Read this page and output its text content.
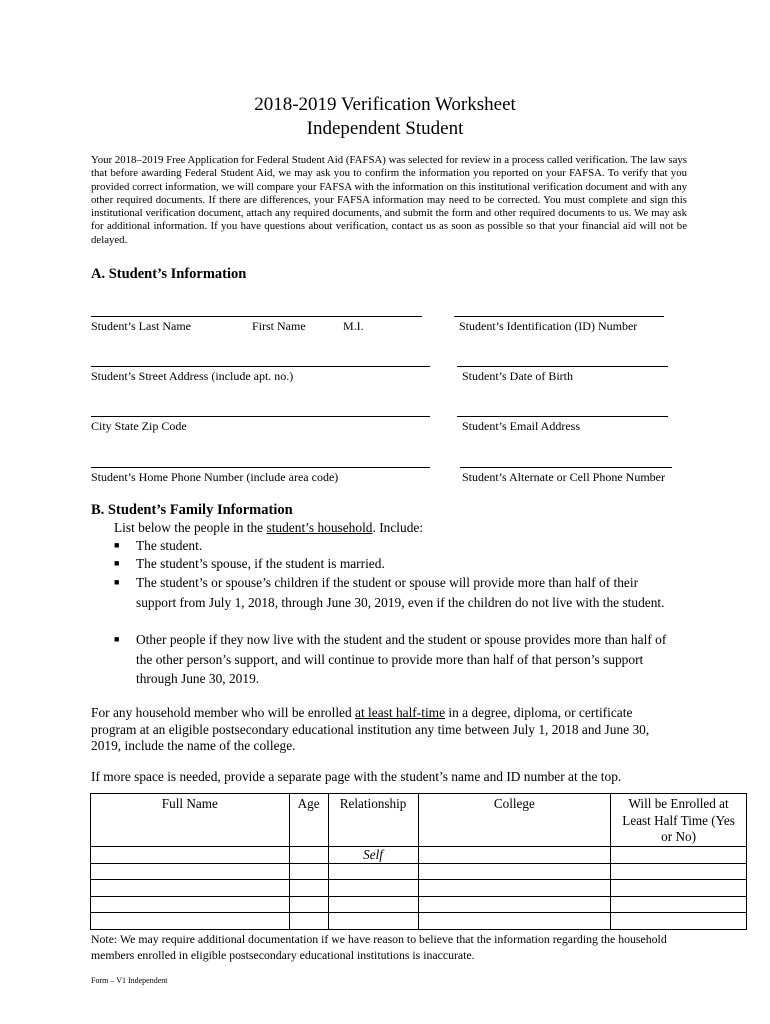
2018-2019 Verification Worksheet
Independent Student
Your 2018–2019 Free Application for Federal Student Aid (FAFSA) was selected for review in a process called verification. The law says that before awarding Federal Student Aid, we may ask you to confirm the information you reported on your FAFSA. To verify that you provided correct information, we will compare your FAFSA with the information on this institutional verification document and with any other required documents. If there are differences, your FAFSA information may need to be corrected. You must complete and sign this institutional verification document, attach any required documents, and submit the form and other required documents to us. We may ask for additional information. If you have questions about verification, contact us as soon as possible so that your financial aid will not be delayed.
A. Student’s Information
Student’s Last Name	First Name	M.I.	Student’s Identification (ID) Number
Student’s Street Address (include apt. no.)	Student’s Date of Birth
City State Zip Code	Student’s Email Address
Student’s Home Phone Number (include area code)	Student’s Alternate or Cell Phone Number
B. Student’s Family Information
List below the people in the student’s household. Include:
■	The student.
■	The student’s spouse, if the student is married.
■	The student’s or spouse’s children if the student or spouse will provide more than half of their support from July 1, 2018, through June 30, 2019, even if the children do not live with the student.
■	Other people if they now live with the student and the student or spouse provides more than half of the other person’s support, and will continue to provide more than half of that person’s support through June 30, 2019.
For any household member who will be enrolled at least half-time in a degree, diploma, or certificate program at an eligible postsecondary educational institution any time between July 1, 2018 and June 30, 2019, include the name of the college.
If more space is needed, provide a separate page with the student’s name and ID number at the top.
Full Name	Age	Relationship	College	Will be Enrolled at Least Half Time (Yes or No)
		Self		

Note: We may require additional documentation if we have reason to believe that the information regarding the household members enrolled in eligible postsecondary educational institutions is inaccurate.
Form – V1 Independent
